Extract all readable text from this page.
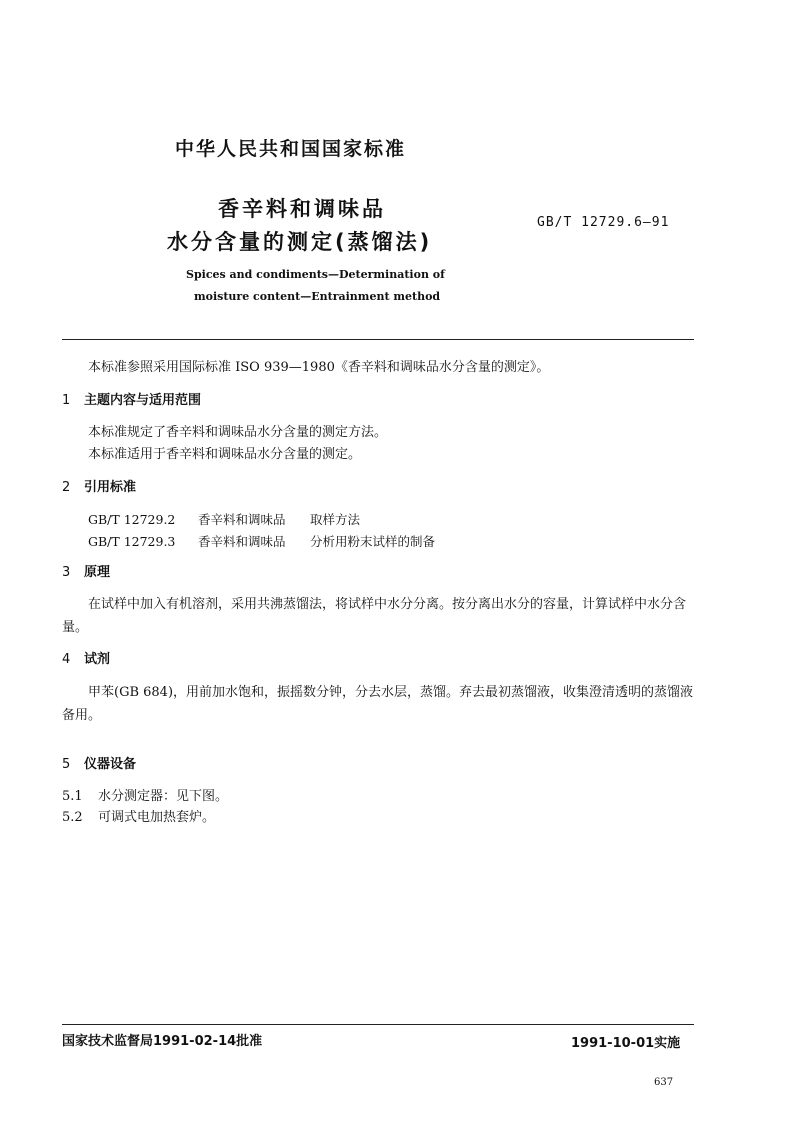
中华人民共和国国家标准
香辛料和调味品
水分含量的测定(蒸馏法)
GB/T 12729.6—91
Spices and condiments—Determination of
moisture content—Entrainment method
本标准参照采用国际标准 ISO 939—1980《香辛料和调味品水分含量的测定》。
1 主题内容与适用范围
本标准规定了香辛料和调味品水分含量的测定方法。
本标准适用于香辛料和调味品水分含量的测定。
2 引用标准
GB/T 12729.2 香辛料和调味品 取样方法
GB/T 12729.3 香辛料和调味品 分析用粉末试样的制备
3 原理
在试样中加入有机溶剂，采用共沸蒸馏法，将试样中水分分离。按分离出水分的容量，计算试样中水分含量。
4 试剂
甲苯(GB 684)，用前加水饱和，振摇数分钟，分去水层，蒸馏。弃去最初蒸馏液，收集澄清透明的蒸馏液备用。
5 仪器设备
5.1 水分测定器：见下图。
5.2 可调式电加热套炉。
国家技术监督局1991-02-14批准	1991-10-01实施
637
